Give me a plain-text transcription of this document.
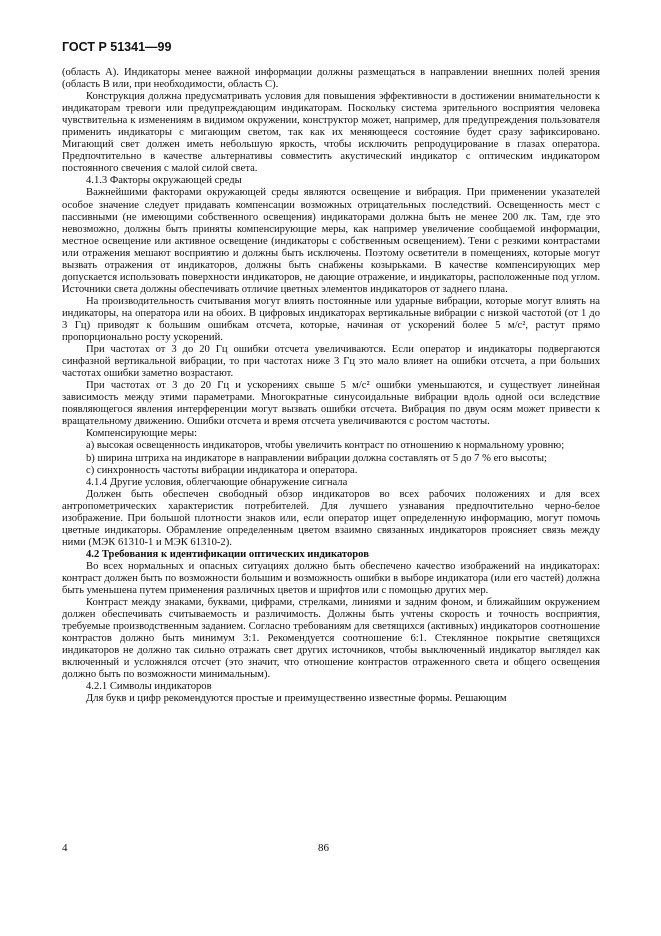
ГОСТ Р 51341—99

(область A). Индикаторы менее важной информации должны размещаться в направлении внешних полей зрения (область B или, при необходимости, область C).

Конструкция должна предусматривать условия для повышения эффективности в достижении внимательности к индикаторам тревоги или предупреждающим индикаторам. Поскольку система зрительного восприятия человека чувствительна к изменениям в видимом окружении, конструктор может, например, для предупреждения пользователя применить индикаторы с мигающим светом, так как их меняющееся состояние будет сразу зафиксировано. Мигающий свет должен иметь небольшую яркость, чтобы исключить репродуцирование в глазах оператора. Предпочтительно в качестве альтернативы совместить акустический индикатор с оптическим индикатором постоянного свечения с малой силой света.

4.1.3 Факторы окружающей среды

Важнейшими факторами окружающей среды являются освещение и вибрация. При применении указателей особое значение следует придавать компенсации возможных отрицательных последствий. Освещенность мест с пассивными (не имеющими собственного освещения) индикаторами должна быть не менее 200 лк. Там, где это невозможно, должны быть приняты компенсирующие меры, как например увеличение сообщаемой информации, местное освещение или активное освещение (индикаторы с собственным освещением). Тени с резкими контрастами или отражения мешают восприятию и должны быть исключены. Поэтому осветители в помещениях, которые могут вызвать отражения от индикаторов, должны быть снабжены козырьками. В качестве компенсирующих мер допускается использовать поверхности индикаторов, не дающие отражение, и индикаторы, расположенные под углом. Источники света должны обеспечивать отличие цветных элементов индикаторов от заднего плана.

На производительность считывания могут влиять постоянные или ударные вибрации, которые могут влиять на индикаторы, на оператора или на обоих. В цифровых индикаторах вертикальные вибрации с низкой частотой (от 1 до 3 Гц) приводят к большим ошибкам отсчета, которые, начиная от ускорений более 5 м/с², растут прямо пропорционально росту ускорений.

При частотах от 3 до 20 Гц ошибки отсчета увеличиваются. Если оператор и индикаторы подвергаются синфазной вертикальной вибрации, то при частотах ниже 3 Гц это мало влияет на ошибки отсчета, а при больших частотах ошибки заметно возрастают.

При частотах от 3 до 20 Гц и ускорениях свыше 5 м/с² ошибки уменьшаются, и существует линейная зависимость между этими параметрами. Многократные синусоидальные вибрации вдоль одной оси вследствие появляющегося явления интерференции могут вызвать ошибки отсчета. Вибрация по двум осям может привести к вращательному движению. Ошибки отсчета и время отсчета увеличиваются с ростом частоты.

Компенсирующие меры:

a) высокая освещенность индикаторов, чтобы увеличить контраст по отношению к нормальному уровню;

b) ширина штриха на индикаторе в направлении вибрации должна составлять от 5 до 7 % его высоты;

c) синхронность частоты вибрации индикатора и оператора.

4.1.4 Другие условия, облегчающие обнаружение сигнала

Должен быть обеспечен свободный обзор индикаторов во всех рабочих положениях и для всех антропометрических характеристик потребителей. Для лучшего узнавания предпочтительно черно-белое изображение. При большой плотности знаков или, если оператор ищет определенную информацию, могут помочь цветные индикаторы. Обрамление определенным цветом взаимно связанных индикаторов проясняет связь между ними (МЭК 61310-1 и МЭК 61310-2).

4.2 Требования к идентификации оптических индикаторов

Во всех нормальных и опасных ситуациях должно быть обеспечено качество изображений на индикаторах: контраст должен быть по возможности большим и возможность ошибки в выборе индикатора (или его частей) должна быть уменьшена путем применения различных цветов и шрифтов или с помощью других мер.

Контраст между знаками, буквами, цифрами, стрелками, линиями и задним фоном, и ближайшим окружением должен обеспечивать считываемость и различимость. Должны быть учтены скорость и точность восприятия, требуемые производственным заданием. Согласно требованиям для светящихся (активных) индикаторов соотношение контрастов должно быть минимум 3:1. Рекомендуется соотношение 6:1. Стеклянное покрытие светящихся индикаторов не должно так сильно отражать свет других источников, чтобы выключенный индикатор выглядел как включенный и усложнялся отсчет (это значит, что отношение контрастов отраженного света и общего освещения должно быть по возможности минимальным).

4.2.1 Символы индикаторов

Для букв и цифр рекомендуются простые и преимущественно известные формы. Решающим

4	86
